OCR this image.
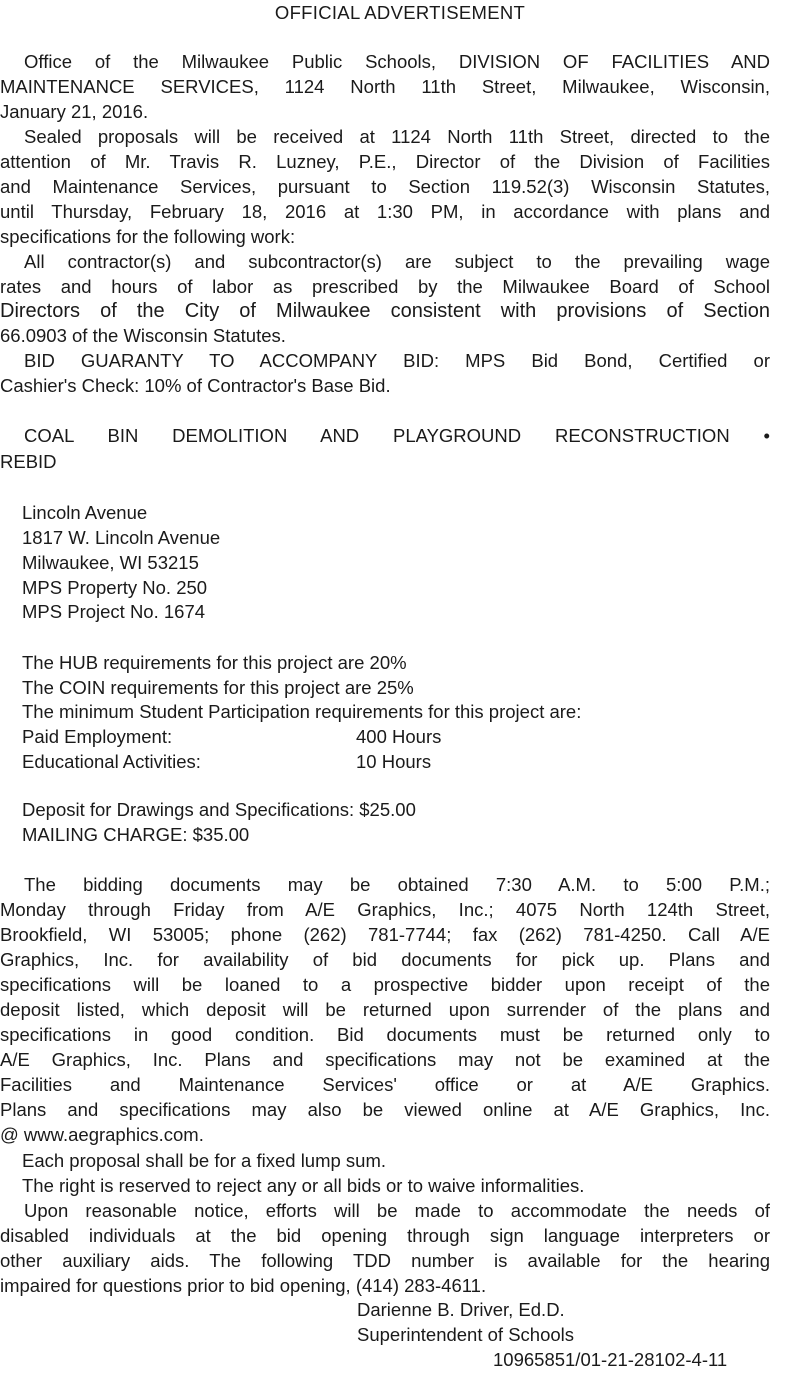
OFFICIAL ADVERTISEMENT
Office of the Milwaukee Public Schools, DIVISION OF FACILITIES AND
MAINTENANCE SERVICES, 1124 North 11th Street, Milwaukee, Wisconsin,
January 21, 2016.
Sealed proposals will be received at 1124 North 11th Street, directed to the
attention of Mr. Travis R. Luzney, P.E., Director of the Division of Facilities
and Maintenance Services, pursuant to Section 119.52(3) Wisconsin Statutes,
until Thursday, February 18, 2016 at 1:30 PM, in accordance with plans and
specifications for the following work:
All contractor(s) and subcontractor(s) are subject to the prevailing wage
rates and hours of labor as prescribed by the Milwaukee Board of School
Directors of the City of Milwaukee consistent with provisions of Section
66.0903 of the Wisconsin Statutes.
BID GUARANTY TO ACCOMPANY BID: MPS Bid Bond, Certified or
Cashier's Check: 10% of Contractor's Base Bid.
COAL BIN DEMOLITION AND PLAYGROUND RECONSTRUCTION •
REBID
Lincoln Avenue
1817 W. Lincoln Avenue
Milwaukee, WI 53215
MPS Property No. 250
MPS Project No. 1674
The HUB requirements for this project are 20%
The COIN requirements for this project are 25%
The minimum Student Participation requirements for this project are:
Paid Employment:	400 Hours
Educational Activities:	10 Hours
Deposit for Drawings and Specifications: $25.00
MAILING CHARGE: $35.00
The bidding documents may be obtained 7:30 A.M. to 5:00 P.M.;
Monday through Friday from A/E Graphics, Inc.; 4075 North 124th Street,
Brookfield, WI 53005; phone (262) 781-7744; fax (262) 781-4250. Call A/E
Graphics, Inc. for availability of bid documents for pick up. Plans and
specifications will be loaned to a prospective bidder upon receipt of the
deposit listed, which deposit will be returned upon surrender of the plans and
specifications in good condition. Bid documents must be returned only to
A/E Graphics, Inc. Plans and specifications may not be examined at the
Facilities and Maintenance Services' office or at A/E Graphics.
Plans and specifications may also be viewed online at A/E Graphics, Inc.
@ www.aegraphics.com.
Each proposal shall be for a fixed lump sum.
The right is reserved to reject any or all bids or to waive informalities.
Upon reasonable notice, efforts will be made to accommodate the needs of
disabled individuals at the bid opening through sign language interpreters or
other auxiliary aids. The following TDD number is available for the hearing
impaired for questions prior to bid opening, (414) 283-4611.
Darienne B. Driver, Ed.D.
Superintendent of Schools
10965851/01-21-28102-4-11
